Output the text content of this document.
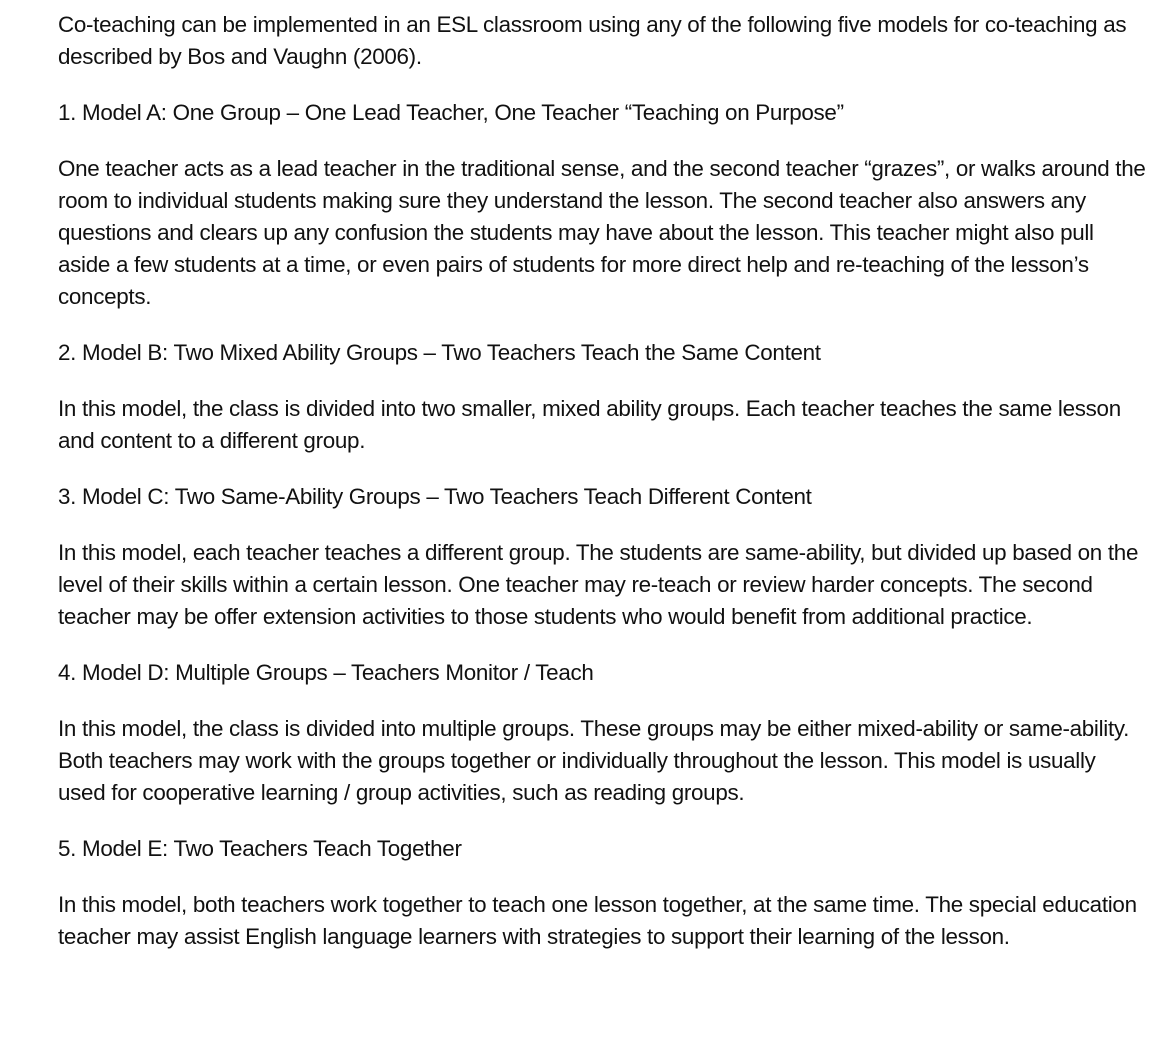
Co-teaching can be implemented in an ESL classroom using any of the following five models for co-teaching as described by Bos and Vaughn (2006).

1. Model A: One Group – One Lead Teacher, One Teacher “Teaching on Purpose”

One teacher acts as a lead teacher in the traditional sense, and the second teacher “grazes”, or walks around the room to individual students making sure they understand the lesson. The second teacher also answers any questions and clears up any confusion the students may have about the lesson. This teacher might also pull aside a few students at a time, or even pairs of students for more direct help and re-teaching of the lesson’s concepts.

2. Model B: Two Mixed Ability Groups – Two Teachers Teach the Same Content

In this model, the class is divided into two smaller, mixed ability groups. Each teacher teaches the same lesson and content to a different group.

3. Model C: Two Same-Ability Groups – Two Teachers Teach Different Content

In this model, each teacher teaches a different group. The students are same-ability, but divided up based on the level of their skills within a certain lesson. One teacher may re-teach or review harder concepts. The second teacher may be offer extension activities to those students who would benefit from additional practice.

4. Model D: Multiple Groups – Teachers Monitor / Teach

In this model, the class is divided into multiple groups. These groups may be either mixed-ability or same-ability. Both teachers may work with the groups together or individually throughout the lesson. This model is usually used for cooperative learning / group activities, such as reading groups.

5. Model E: Two Teachers Teach Together

In this model, both teachers work together to teach one lesson together, at the same time. The special education teacher may assist English language learners with strategies to support their learning of the lesson.
